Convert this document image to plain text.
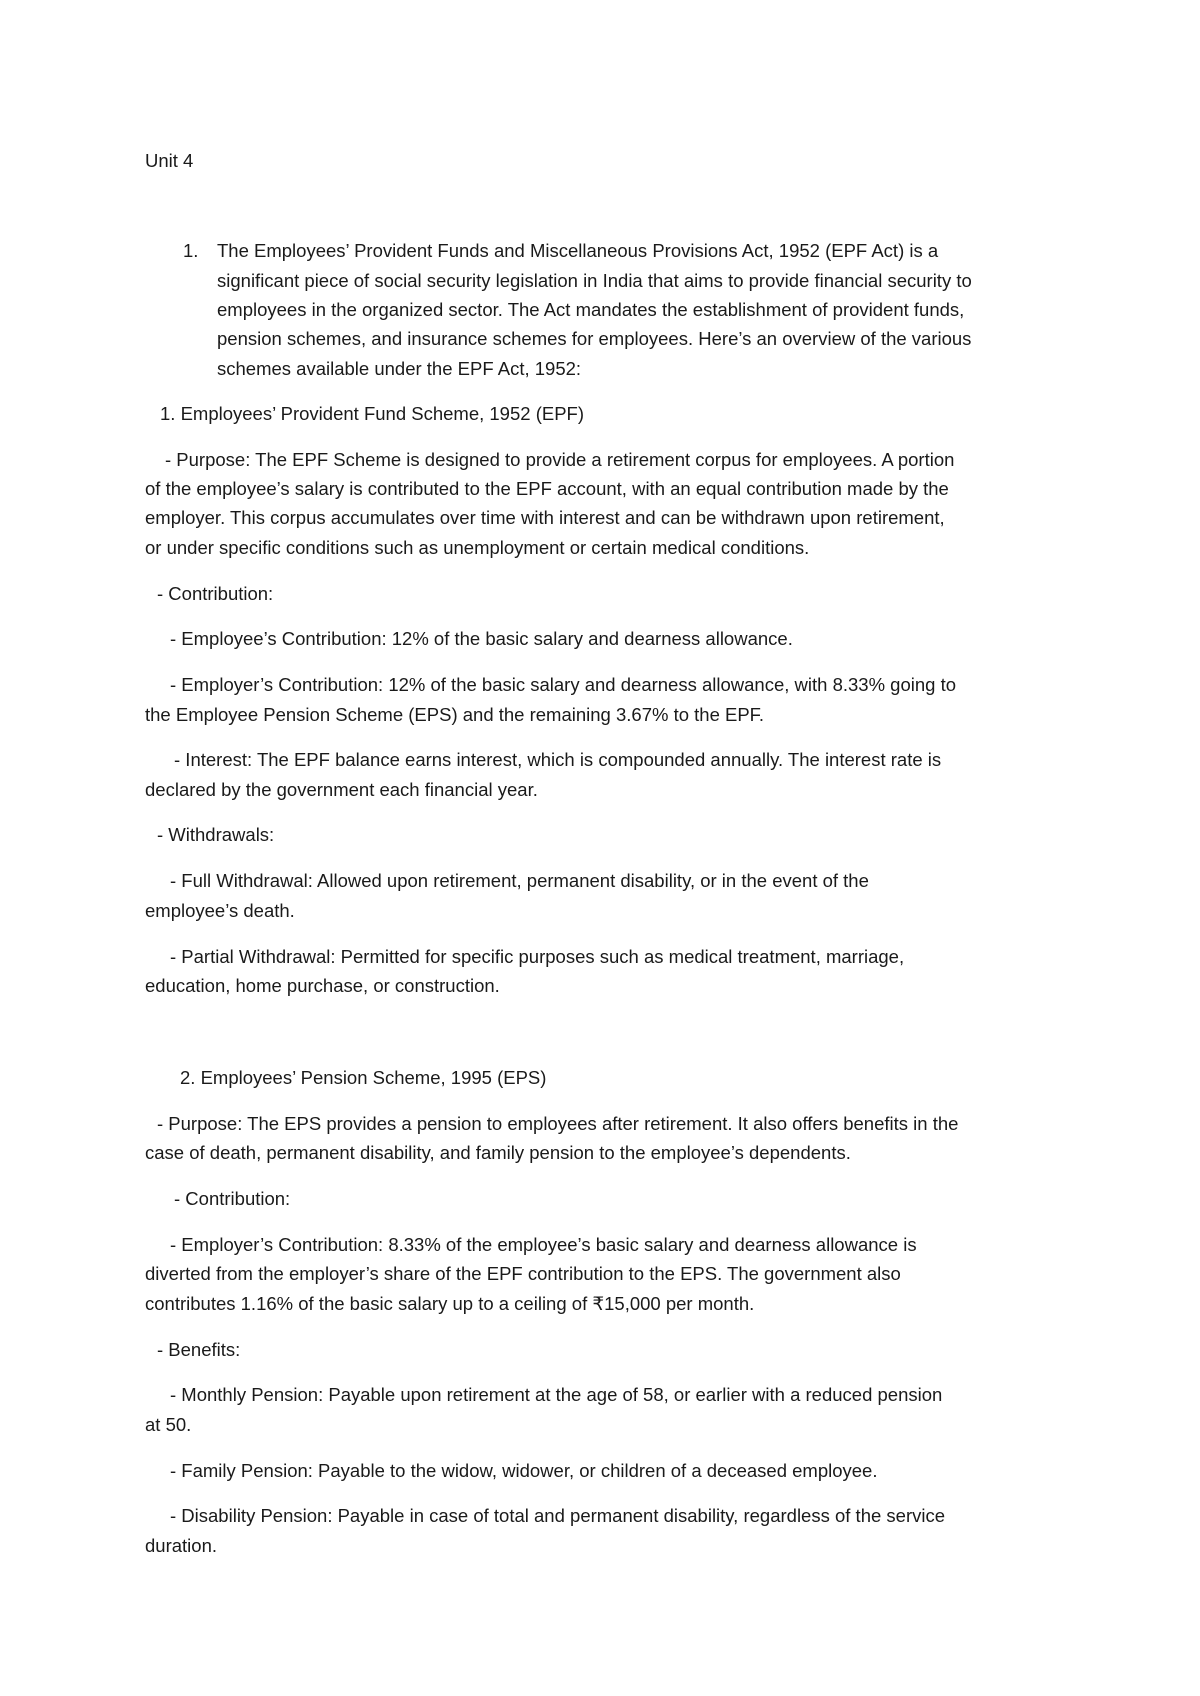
Unit 4
1. The Employees’ Provident Funds and Miscellaneous Provisions Act, 1952 (EPF Act) is a
significant piece of social security legislation in India that aims to provide financial security to
employees in the organized sector. The Act mandates the establishment of provident funds,
pension schemes, and insurance schemes for employees. Here’s an overview of the various
schemes available under the EPF Act, 1952:
1. Employees’ Provident Fund Scheme, 1952 (EPF)
- Purpose: The EPF Scheme is designed to provide a retirement corpus for employees. A portion
of the employee’s salary is contributed to the EPF account, with an equal contribution made by the
employer. This corpus accumulates over time with interest and can be withdrawn upon retirement,
or under specific conditions such as unemployment or certain medical conditions.
- Contribution:
- Employee’s Contribution: 12% of the basic salary and dearness allowance.
- Employer’s Contribution: 12% of the basic salary and dearness allowance, with 8.33% going to
the Employee Pension Scheme (EPS) and the remaining 3.67% to the EPF.
- Interest: The EPF balance earns interest, which is compounded annually. The interest rate is
declared by the government each financial year.
- Withdrawals:
- Full Withdrawal: Allowed upon retirement, permanent disability, or in the event of the
employee’s death.
- Partial Withdrawal: Permitted for specific purposes such as medical treatment, marriage,
education, home purchase, or construction.
2. Employees’ Pension Scheme, 1995 (EPS)
- Purpose: The EPS provides a pension to employees after retirement. It also offers benefits in the
case of death, permanent disability, and family pension to the employee’s dependents.
- Contribution:
- Employer’s Contribution: 8.33% of the employee’s basic salary and dearness allowance is
diverted from the employer’s share of the EPF contribution to the EPS. The government also
contributes 1.16% of the basic salary up to a ceiling of ₹15,000 per month.
- Benefits:
- Monthly Pension: Payable upon retirement at the age of 58, or earlier with a reduced pension
at 50.
- Family Pension: Payable to the widow, widower, or children of a deceased employee.
- Disability Pension: Payable in case of total and permanent disability, regardless of the service
duration.
